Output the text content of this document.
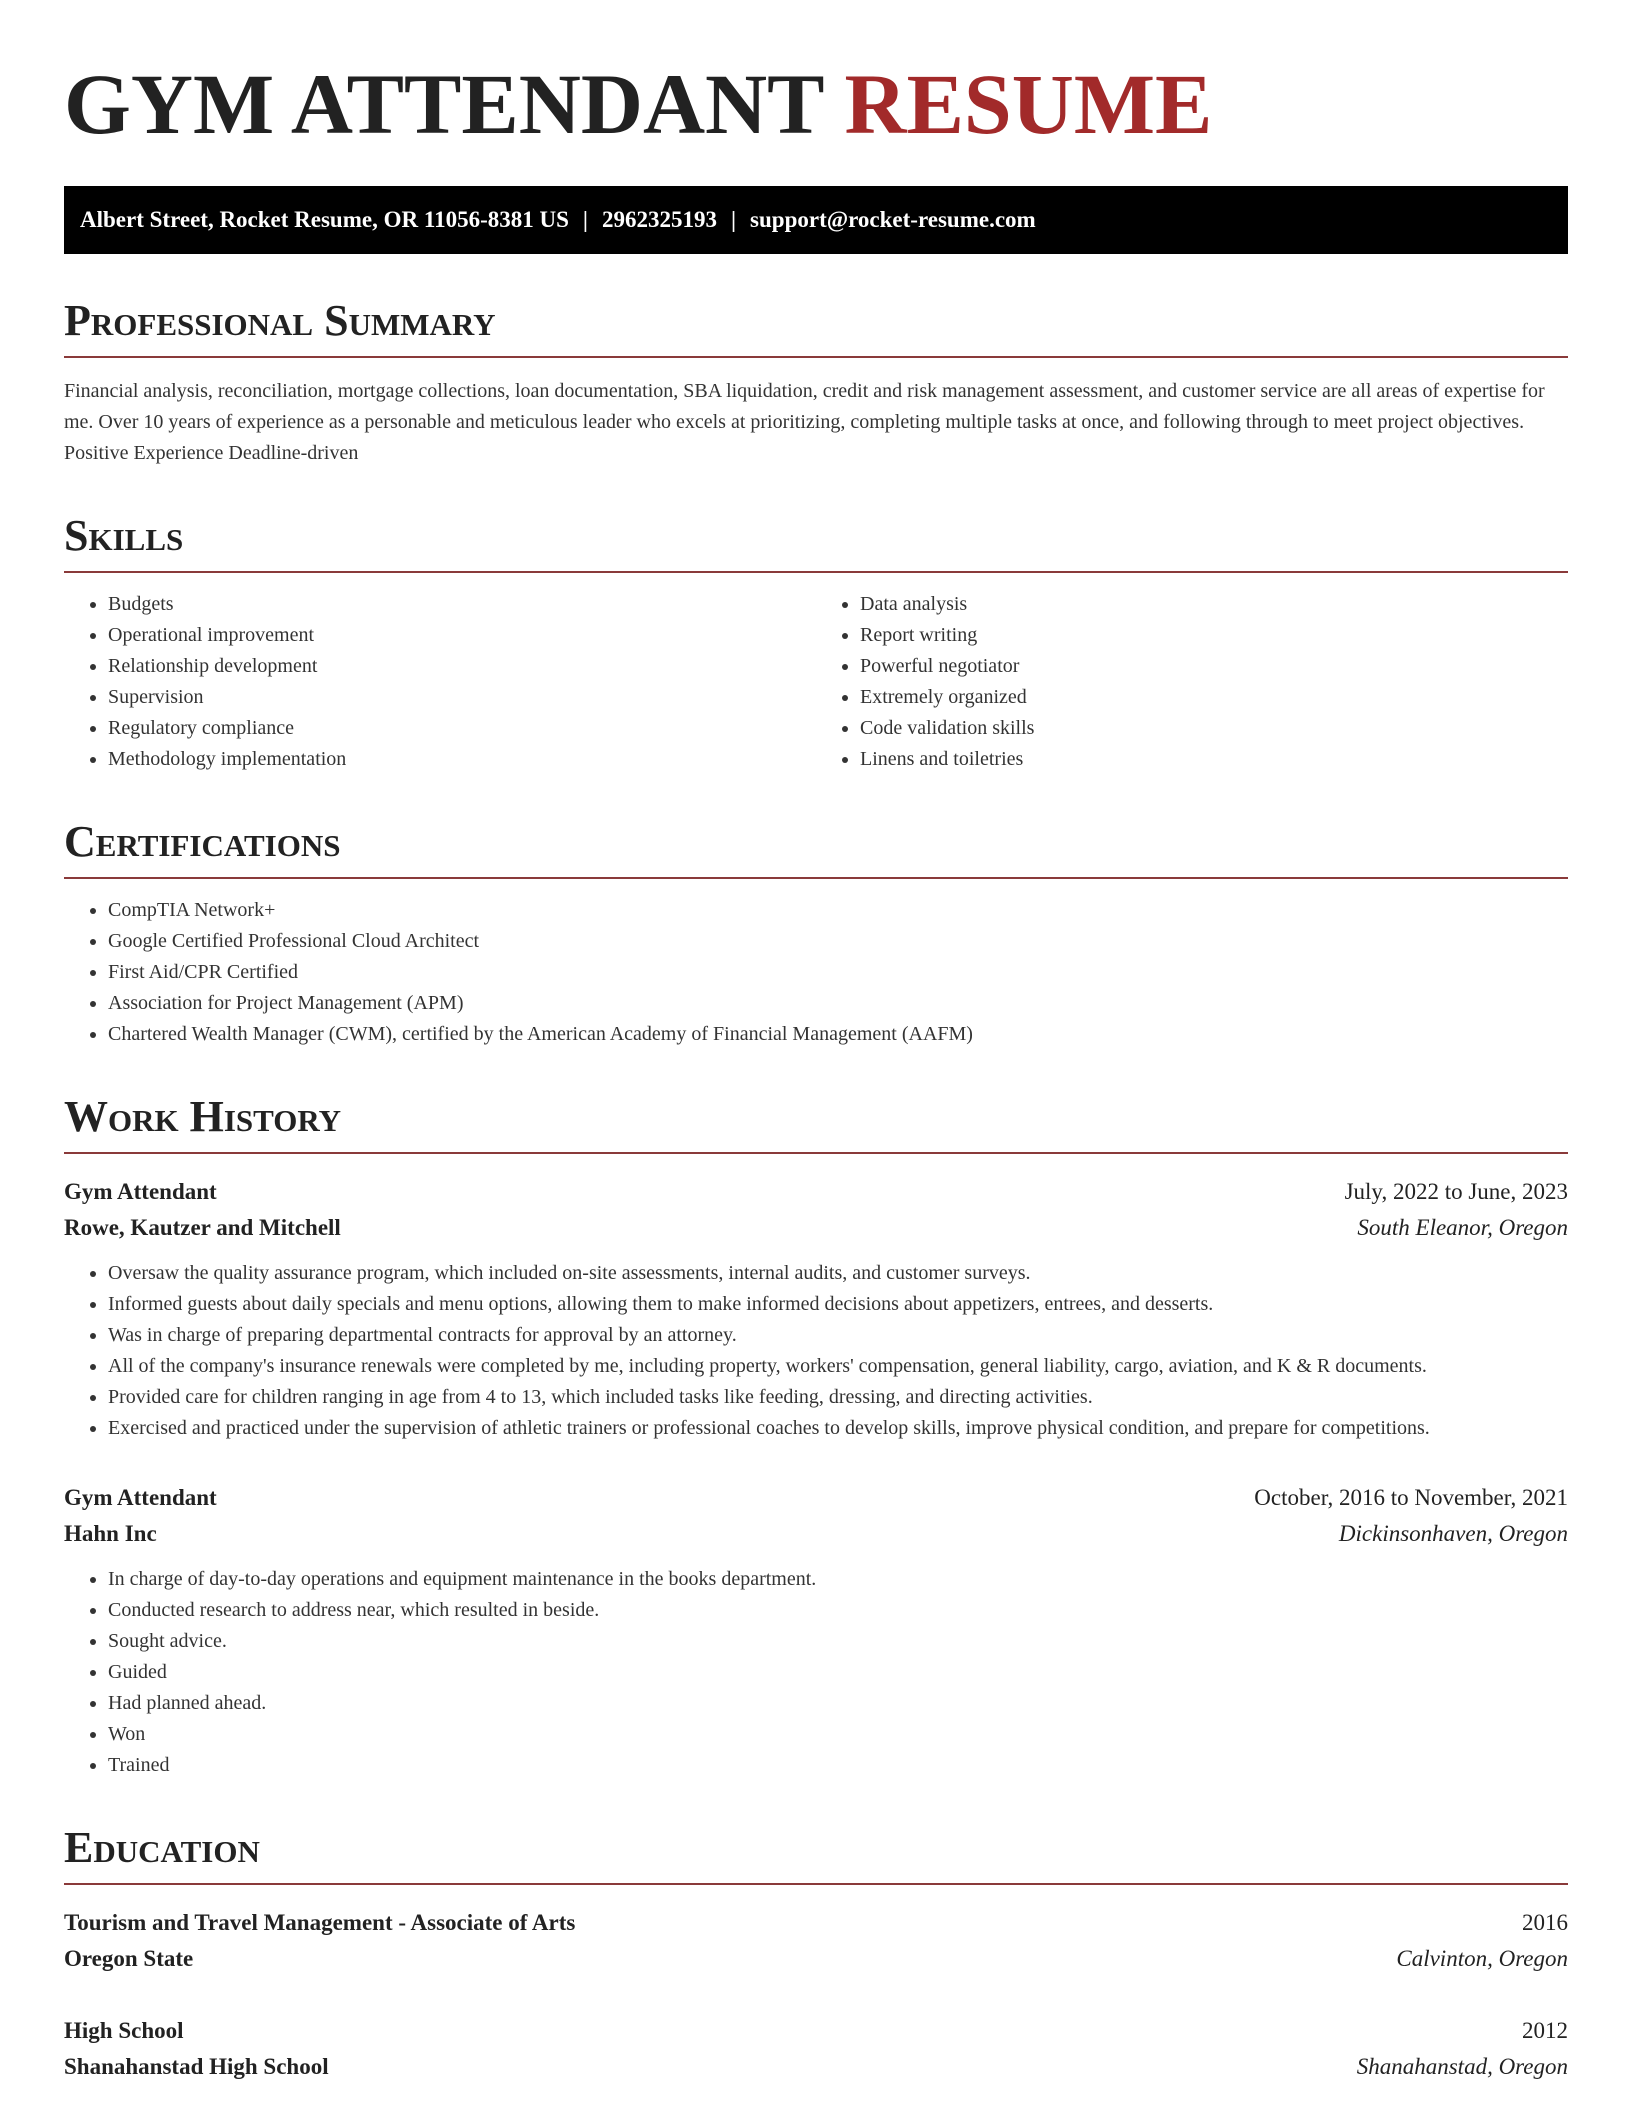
GYM ATTENDANT RESUME
Albert Street, Rocket Resume, OR 11056-8381 US | 2962325193 | support@rocket-resume.com
Professional Summary

Financial analysis, reconciliation, mortgage collections, loan documentation, SBA liquidation, credit and risk management assessment, and customer service are all areas of expertise for me. Over 10 years of experience as a personable and meticulous leader who excels at prioritizing, completing multiple tasks at once, and following through to meet project objectives. Positive Experience Deadline-driven

Skills
• Budgets
• Operational improvement
• Relationship development
• Supervision
• Regulatory compliance
• Methodology implementation
• Data analysis
• Report writing
• Powerful negotiator
• Extremely organized
• Code validation skills
• Linens and toiletries
Certifications
• CompTIA Network+
• Google Certified Professional Cloud Architect
• First Aid/CPR Certified
• Association for Project Management (APM)
• Chartered Wealth Manager (CWM), certified by the American Academy of Financial Management (AAFM)
Work History
Gym Attendant	July, 2022 to June, 2023
Rowe, Kautzer and Mitchell	South Eleanor, Oregon
• Oversaw the quality assurance program, which included on-site assessments, internal audits, and customer surveys.
• Informed guests about daily specials and menu options, allowing them to make informed decisions about appetizers, entrees, and desserts.
• Was in charge of preparing departmental contracts for approval by an attorney.
• All of the company's insurance renewals were completed by me, including property, workers' compensation, general liability, cargo, aviation, and K & R documents.
• Provided care for children ranging in age from 4 to 13, which included tasks like feeding, dressing, and directing activities.
• Exercised and practiced under the supervision of athletic trainers or professional coaches to develop skills, improve physical condition, and prepare for competitions.
Gym Attendant	October, 2016 to November, 2021
Hahn Inc	Dickinsonhaven, Oregon
• In charge of day-to-day operations and equipment maintenance in the books department.
• Conducted research to address near, which resulted in beside.
• Sought advice.
• Guided
• Had planned ahead.
• Won
• Trained
Education
Tourism and Travel Management - Associate of Arts	2016
Oregon State	Calvinton, Oregon
High School	2012
Shanahanstad High School	Shanahanstad, Oregon
